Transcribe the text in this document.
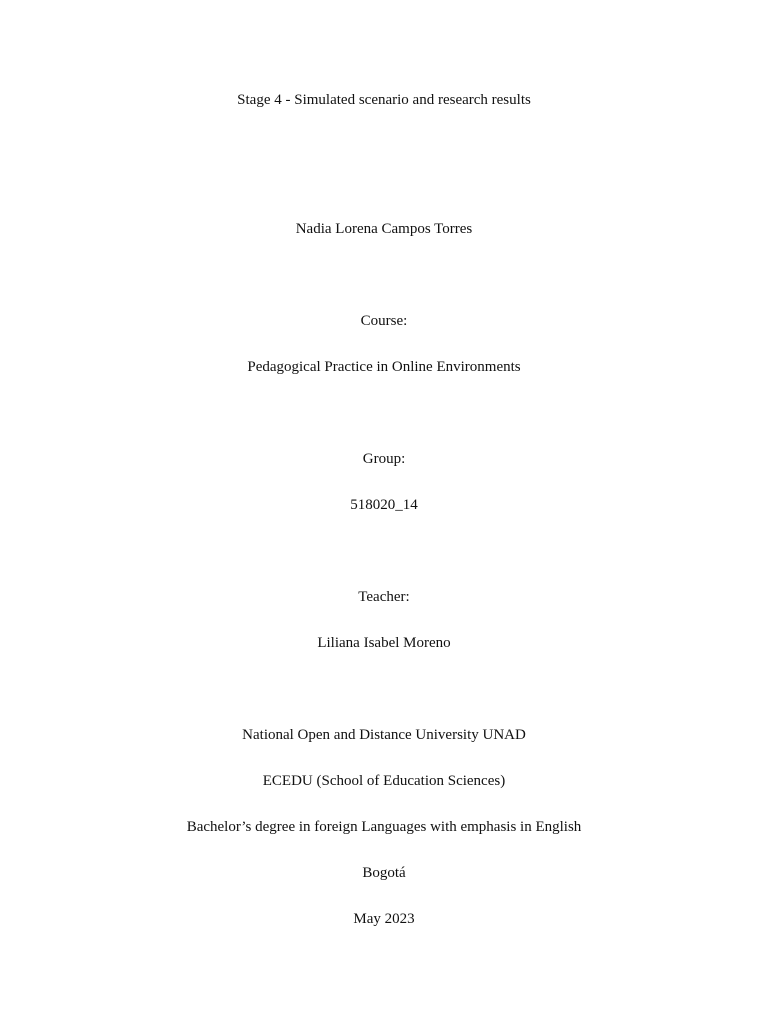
Stage 4 - Simulated scenario and research results
Nadia Lorena Campos Torres
Course:
Pedagogical Practice in Online Environments
Group:
518020_14
Teacher:
Liliana Isabel Moreno
National Open and Distance University UNAD
ECEDU (School of Education Sciences)
Bachelor’s degree in foreign Languages with emphasis in English
Bogotá
May 2023
